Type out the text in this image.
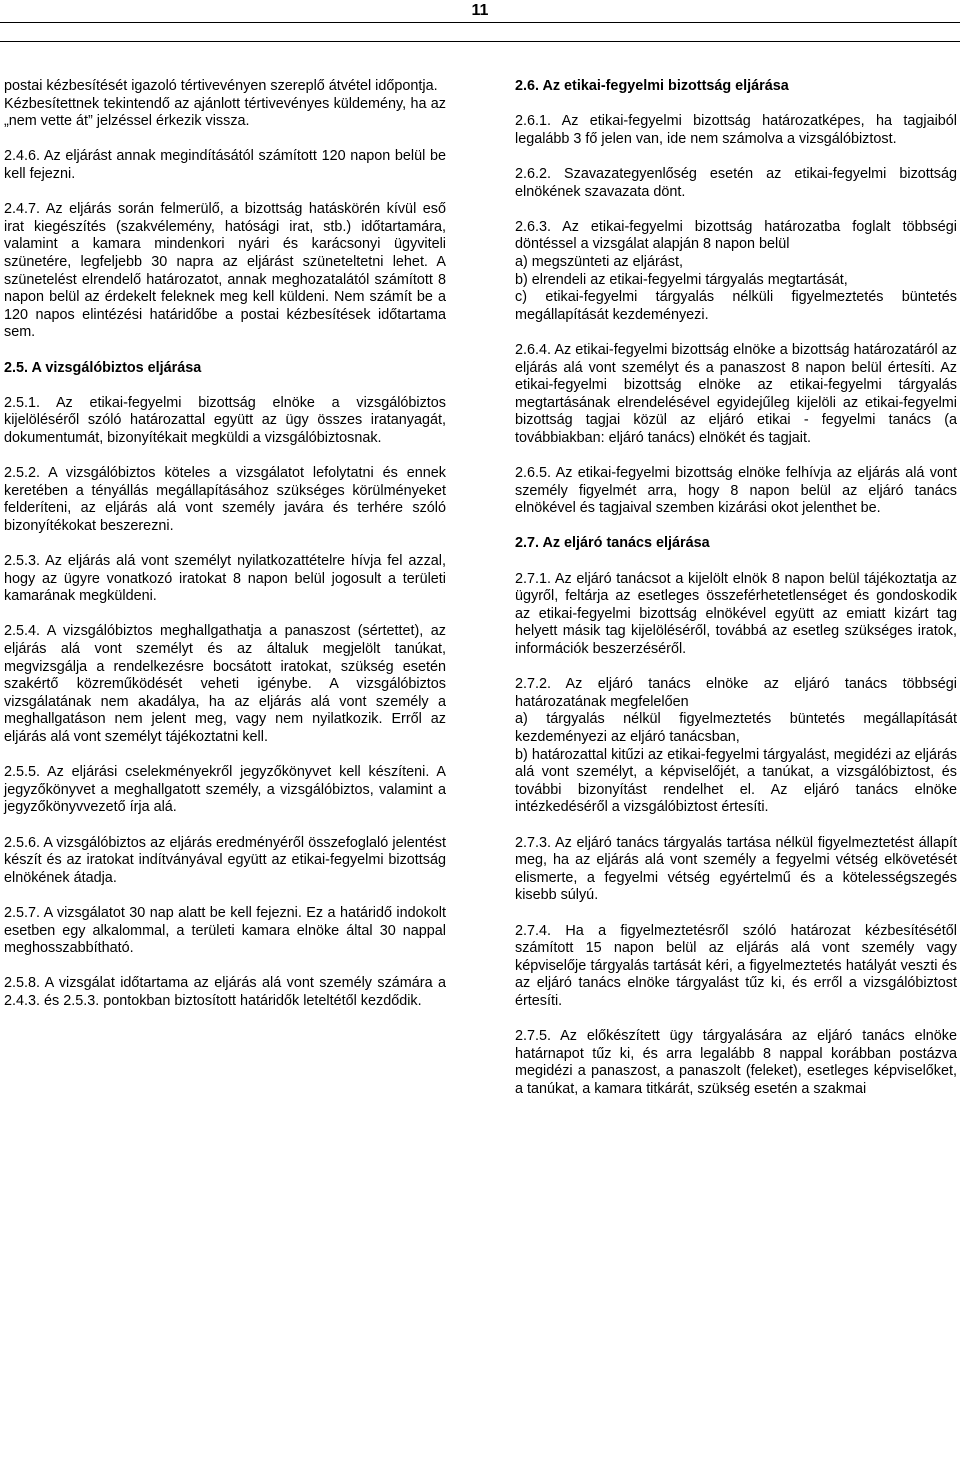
11

postai kézbesítését igazoló tértivevényen szereplő átvétel időpontja.
Kézbesítettnek tekintendő az ajánlott tértivevényes küldemény, ha az „nem vette át” jelzéssel érkezik vissza.

2.4.6. Az eljárást annak megindításától számított 120 napon belül be kell fejezni.

2.4.7. Az eljárás során felmerülő, a bizottság hatáskörén kívül eső irat kiegészítés (szakvélemény, hatósági irat, stb.) időtartamára, valamint a kamara mindenkori nyári és karácsonyi ügyviteli szünetére, legfeljebb 30 napra az eljárást szüneteltetni lehet. A szünetelést elrendelő határozatot, annak meghozatalától számított 8 napon belül az érdekelt feleknek meg kell küldeni. Nem számít be a 120 napos elintézési határidőbe a postai kézbesítések időtartama sem.

2.5. A vizsgálóbiztos eljárása

2.5.1. Az etikai-fegyelmi bizottság elnöke a vizsgálóbiztos kijelöléséről szóló határozattal együtt az ügy összes iratanyagát, dokumentumát, bizonyítékait megküldi a vizsgálóbiztosnak.

2.5.2. A vizsgálóbiztos köteles a vizsgálatot lefolytatni és ennek keretében a tényállás megállapításához szükséges körülményeket felderíteni, az eljárás alá vont személy javára és terhére szóló bizonyítékokat beszerezni.

2.5.3. Az eljárás alá vont személyt nyilatkozattételre hívja fel azzal, hogy az ügyre vonatkozó iratokat 8 napon belül jogosult a területi kamarának megküldeni.

2.5.4. A vizsgálóbiztos meghallgathatja a panaszost (sértettet), az eljárás alá vont személyt és az általuk megjelölt tanúkat, megvizsgálja a rendelkezésre bocsátott iratokat, szükség esetén szakértő közreműködését veheti igénybe. A vizsgálóbiztos vizsgálatának nem akadálya, ha az eljárás alá vont személy a meghallgatáson nem jelent meg, vagy nem nyilatkozik. Erről az eljárás alá vont személyt tájékoztatni kell.

2.5.5. Az eljárási cselekményekről jegyzőkönyvet kell készíteni. A jegyzőkönyvet a meghallgatott személy, a vizsgálóbiztos, valamint a jegyzőkönyvvezető írja alá.

2.5.6. A vizsgálóbiztos az eljárás eredményéről összefoglaló jelentést készít és az iratokat indítványával együtt az etikai-fegyelmi bizottság elnökének átadja.

2.5.7. A vizsgálatot 30 nap alatt be kell fejezni. Ez a határidő indokolt esetben egy alkalommal, a területi kamara elnöke által 30 nappal meghosszabbítható.

2.5.8. A vizsgálat időtartama az eljárás alá vont személy számára a 2.4.3. és 2.5.3. pontokban biztosított határidők leteltétől kezdődik.

2.6. Az etikai-fegyelmi bizottság eljárása

2.6.1. Az etikai-fegyelmi bizottság határozatképes, ha tagjaiból legalább 3 fő jelen van, ide nem számolva a vizsgálóbiztost.

2.6.2. Szavazategyenlőség esetén az etikai-fegyelmi bizottság elnökének szavazata dönt.

2.6.3. Az etikai-fegyelmi bizottság határozatba foglalt többségi döntéssel a vizsgálat alapján 8 napon belül
a) megszünteti az eljárást,
b) elrendeli az etikai-fegyelmi tárgyalás megtartását,
c) etikai-fegyelmi tárgyalás nélküli figyelmeztetés büntetés megállapítását kezdeményezi.

2.6.4. Az etikai-fegyelmi bizottság elnöke a bizottság határozatáról az eljárás alá vont személyt és a panaszost 8 napon belül értesíti. Az etikai-fegyelmi bizottság elnöke az etikai-fegyelmi tárgyalás megtartásának elrendelésével egyidejűleg kijelöli az etikai-fegyelmi bizottság tagjai közül az eljáró etikai - fegyelmi tanács (a továbbiakban: eljáró tanács) elnökét és tagjait.

2.6.5. Az etikai-fegyelmi bizottság elnöke felhívja az eljárás alá vont személy figyelmét arra, hogy 8 napon belül az eljáró tanács elnökével és tagjaival szemben kizárási okot jelenthet be.

2.7. Az eljáró tanács eljárása

2.7.1. Az eljáró tanácsot a kijelölt elnök 8 napon belül tájékoztatja az ügyről, feltárja az esetleges összeférhetetlenséget és gondoskodik az etikai-fegyelmi bizottság elnökével együtt az emiatt kizárt tag helyett másik tag kijelöléséről, továbbá az esetleg szükséges iratok, információk beszerzéséről.

2.7.2. Az eljáró tanács elnöke az eljáró tanács többségi határozatának megfelelően
a) tárgyalás nélkül figyelmeztetés büntetés megállapítását kezdeményezi az eljáró tanácsban,
b) határozattal kitűzi az etikai-fegyelmi tárgyalást, megidézi az eljárás alá vont személyt, a képviselőjét, a tanúkat, a vizsgálóbiztost, és további bizonyítást rendelhet el. Az eljáró tanács elnöke intézkedéséről a vizsgálóbiztost értesíti.

2.7.3. Az eljáró tanács tárgyalás tartása nélkül figyelmeztetést állapít meg, ha az eljárás alá vont személy a fegyelmi vétség elkövetését elismerte, a fegyelmi vétség egyértelmű és a kötelességszegés kisebb súlyú.

2.7.4. Ha a figyelmeztetésről szóló határozat kézbesítésétől számított 15 napon belül az eljárás alá vont személy vagy képviselője tárgyalás tartását kéri, a figyelmeztetés hatályát veszti és az eljáró tanács elnöke tárgyalást tűz ki, és erről a vizsgálóbiztost értesíti.

2.7.5. Az előkészített ügy tárgyalására az eljáró tanács elnöke határnapot tűz ki, és arra legalább 8 nappal korábban postázva megidézi a panaszost, a panaszolt (feleket), esetleges képviselőket, a tanúkat, a kamara titkárát, szükség esetén a szakmai
